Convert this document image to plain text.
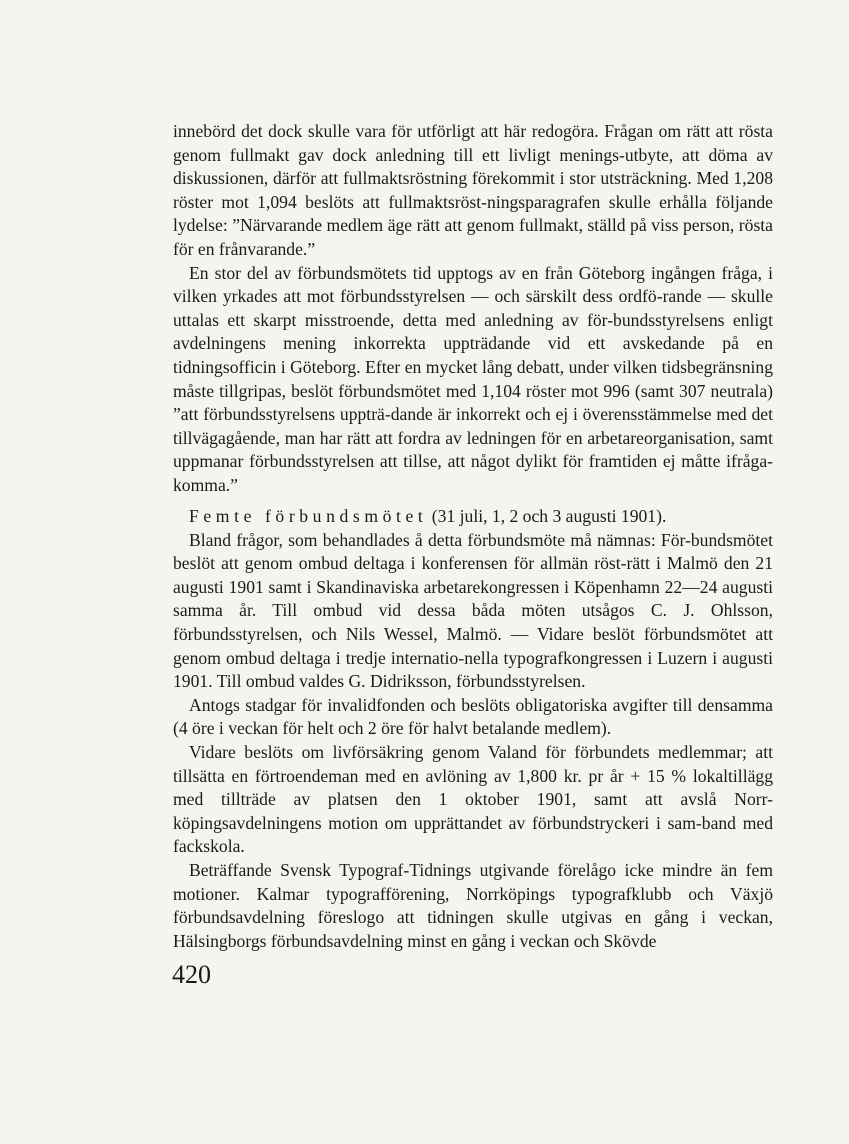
innebörd det dock skulle vara för utförligt att här redogöra. Frågan om rätt att rösta genom fullmakt gav dock anledning till ett livligt menings-utbyte, att döma av diskussionen, därför att fullmaktsröstning förekommit i stor utsträckning. Med 1,208 röster mot 1,094 beslöts att fullmaktsröst-ningsparagrafen skulle erhålla följande lydelse: ”Närvarande medlem äge rätt att genom fullmakt, ställd på viss person, rösta för en frånvarande.”

En stor del av förbundsmötets tid upptogs av en från Göteborg ingången fråga, i vilken yrkades att mot förbundsstyrelsen — och särskilt dess ordfö-rande — skulle uttalas ett skarpt misstroende, detta med anledning av för-bundsstyrelsens enligt avdelningens mening inkorrekta uppträdande vid ett avskedande på en tidningsofficin i Göteborg. Efter en mycket lång debatt, under vilken tidsbegränsning måste tillgripas, beslöt förbundsmötet med 1,104 röster mot 996 (samt 307 neutrala) ”att förbundsstyrelsens uppträ-dande är inkorrekt och ej i överensstämmelse med det tillvägagående, man har rätt att fordra av ledningen för en arbetareorganisation, samt uppmanar förbundsstyrelsen att tillse, att något dylikt för framtiden ej måtte ifråga-komma.”

Femte förbundsmötet (31 juli, 1, 2 och 3 augusti 1901).

Bland frågor, som behandlades å detta förbundsmöte må nämnas: För-bundsmötet beslöt att genom ombud deltaga i konferensen för allmän röst-rätt i Malmö den 21 augusti 1901 samt i Skandinaviska arbetarekongressen i Köpenhamn 22—24 augusti samma år. Till ombud vid dessa båda möten utsågos C. J. Ohlsson, förbundsstyrelsen, och Nils Wessel, Malmö. — Vidare beslöt förbundsmötet att genom ombud deltaga i tredje internatio-nella typografkongressen i Luzern i augusti 1901. Till ombud valdes G. Didriksson, förbundsstyrelsen.

Antogs stadgar för invalidfonden och beslöts obligatoriska avgifter till densamma (4 öre i veckan för helt och 2 öre för halvt betalande medlem).

Vidare beslöts om livförsäkring genom Valand för förbundets medlemmar; att tillsätta en förtroendeman med en avlöning av 1,800 kr. pr år + 15 % lokaltillägg med tillträde av platsen den 1 oktober 1901, samt att avslå Norr-köpingsavdelningens motion om upprättandet av förbundstryckeri i sam-band med fackskola.

Beträffande Svensk Typograf-Tidnings utgivande förelågo icke mindre än fem motioner. Kalmar typografförening, Norrköpings typografklubb och Växjö förbundsavdelning föreslogo att tidningen skulle utgivas en gång i veckan, Hälsingborgs förbundsavdelning minst en gång i veckan och Skövde

420
